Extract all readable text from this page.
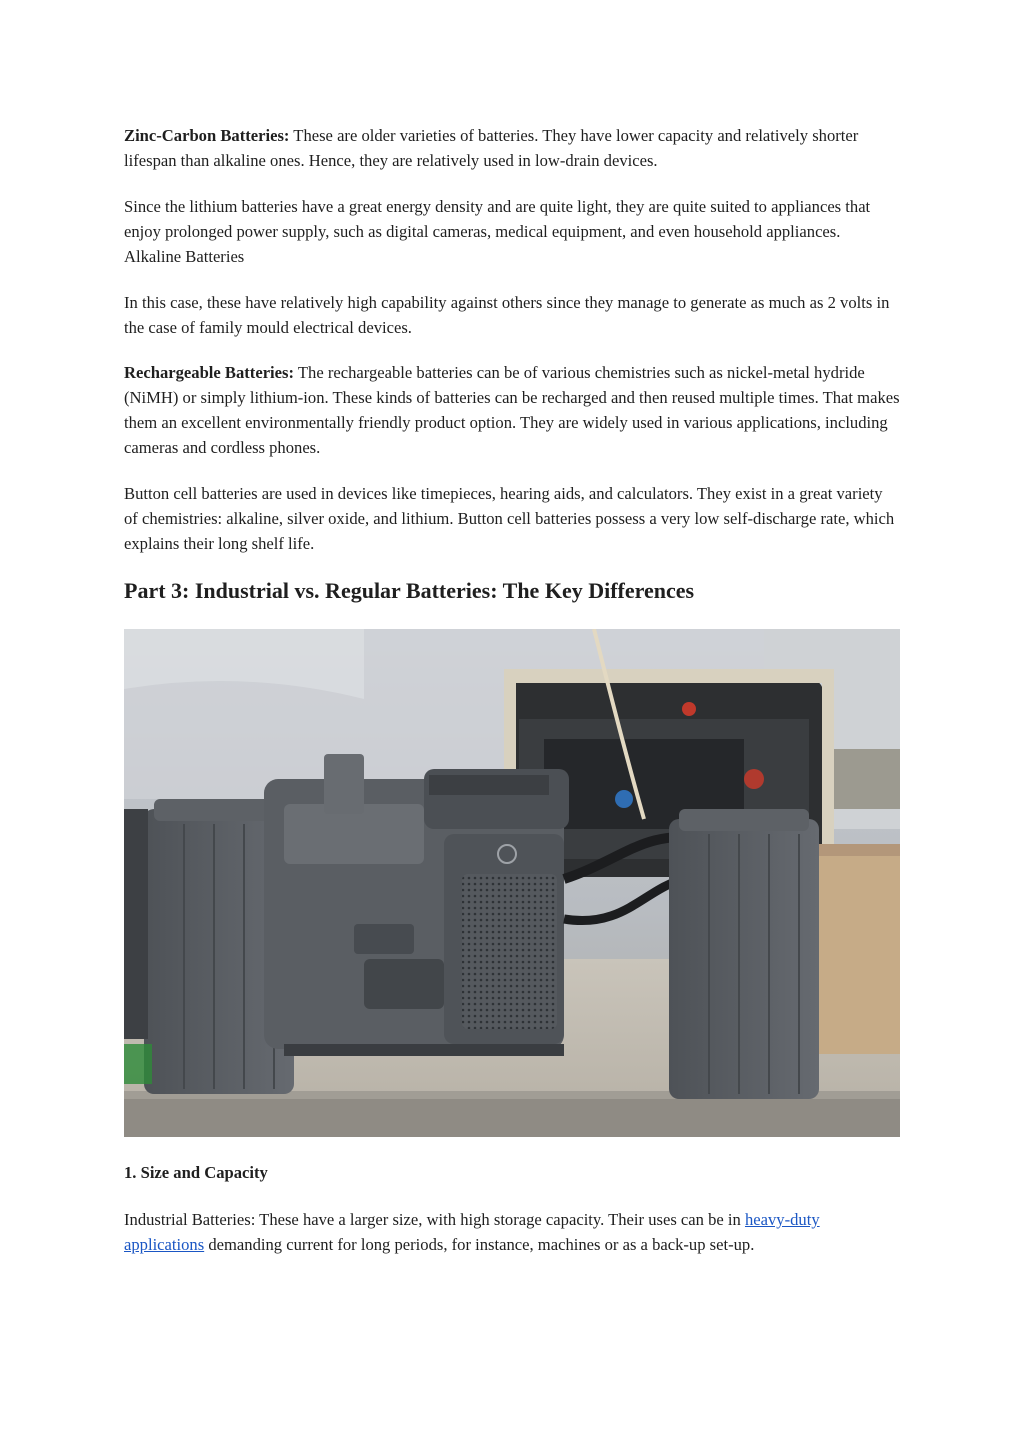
Zinc-Carbon Batteries: These are older varieties of batteries. They have lower capacity and relatively shorter lifespan than alkaline ones. Hence, they are relatively used in low-drain devices.

Since the lithium batteries have a great energy density and are quite light, they are quite suited to appliances that enjoy prolonged power supply, such as digital cameras, medical equipment, and even household appliances. Alkaline Batteries

In this case, these have relatively high capability against others since they manage to generate as much as 2 volts in the case of family mould electrical devices.

Rechargeable Batteries: The rechargeable batteries can be of various chemistries such as nickel-metal hydride (NiMH) or simply lithium-ion. These kinds of batteries can be recharged and then reused multiple times. That makes them an excellent environmentally friendly product option. They are widely used in various applications, including cameras and cordless phones.

Button cell batteries are used in devices like timepieces, hearing aids, and calculators. They exist in a great variety of chemistries: alkaline, silver oxide, and lithium. Button cell batteries possess a very low self-discharge rate, which explains their long shelf life.

Part 3: Industrial vs. Regular Batteries: The Key Differences
1. Size and Capacity

Industrial Batteries: These have a larger size, with high storage capacity. Their uses can be in heavy-duty applications demanding current for long periods, for instance, machines or as a back-up set-up.
